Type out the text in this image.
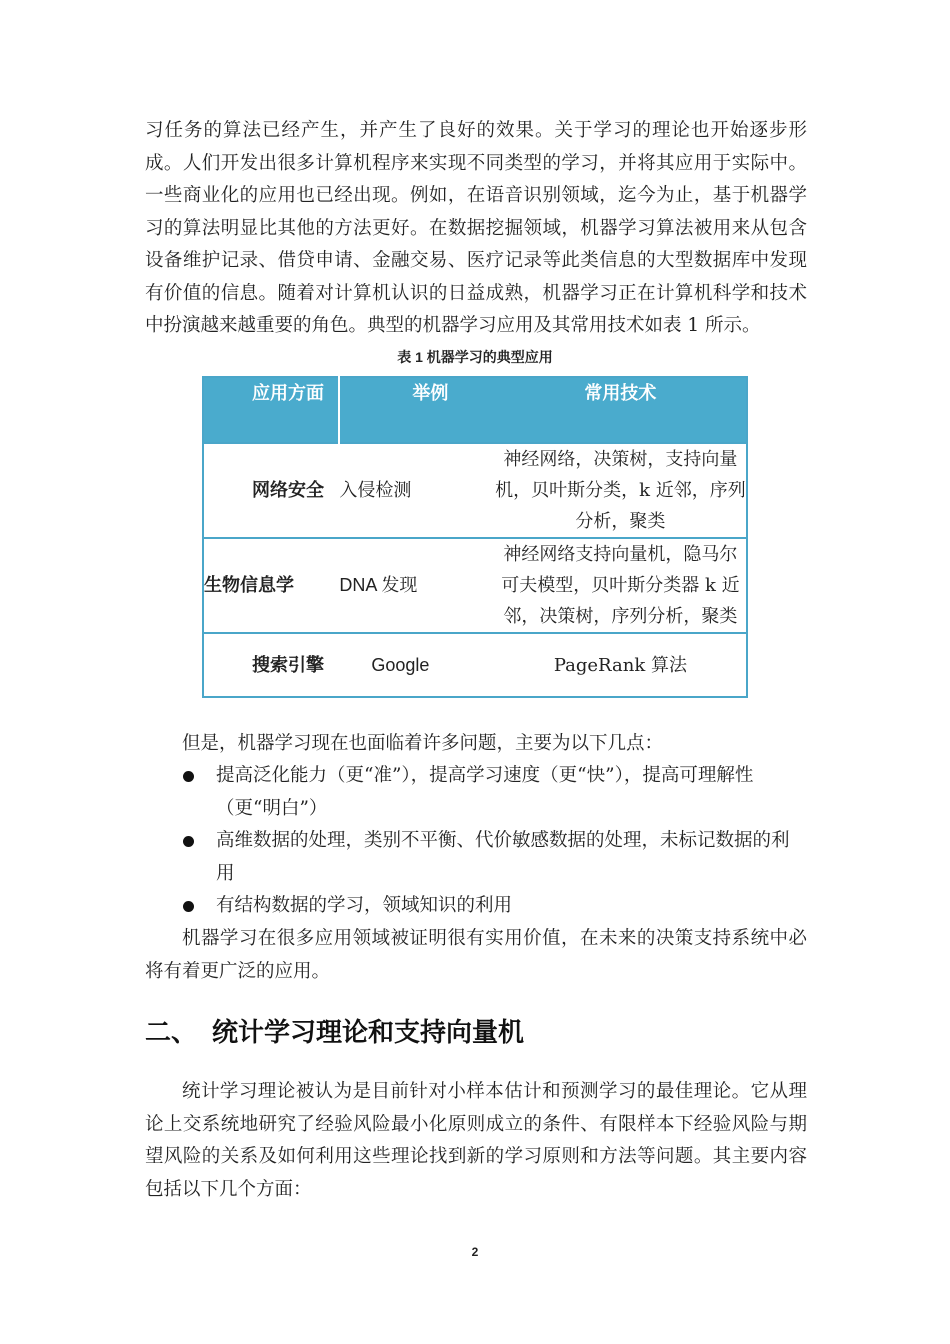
习任务的算法已经产生，并产生了良好的效果。关于学习的理论也开始逐步形成。人们开发出很多计算机程序来实现不同类型的学习，并将其应用于实际中。一些商业化的应用也已经出现。例如，在语音识别领域，迄今为止，基于机器学习的算法明显比其他的方法更好。在数据挖掘领域，机器学习算法被用来从包含设备维护记录、借贷申请、金融交易、医疗记录等此类信息的大型数据库中发现有价值的信息。随着对计算机认识的日益成熟，机器学习正在计算机科学和技术中扮演越来越重要的角色。典型的机器学习应用及其常用技术如表 1 所示。

表 1 机器学习的典型应用
应用方面	举例	常用技术
网络安全	入侵检测	神经网络，决策树，支持向量机，贝叶斯分类，k 近邻，序列分析，聚类
生物信息学	DNA 发现	神经网络支持向量机，隐马尔可夫模型，贝叶斯分类器 k 近邻，决策树，序列分析，聚类
搜索引擎	Google	PageRank 算法

但是，机器学习现在也面临着许多问题，主要为以下几点：

提高泛化能力（更“准”），提高学习速度（更“快”），提高可理解性（更“明白”）
高维数据的处理，类别不平衡、代价敏感数据的处理，未标记数据的利用
有结构数据的学习，领域知识的利用

机器学习在很多应用领域被证明很有实用价值，在未来的决策支持系统中必将有着更广泛的应用。

二、 统计学习理论和支持向量机

统计学习理论被认为是目前针对小样本估计和预测学习的最佳理论。它从理论上交系统地研究了经验风险最小化原则成立的条件、有限样本下经验风险与期望风险的关系及如何利用这些理论找到新的学习原则和方法等问题。其主要内容包括以下几个方面：

2
